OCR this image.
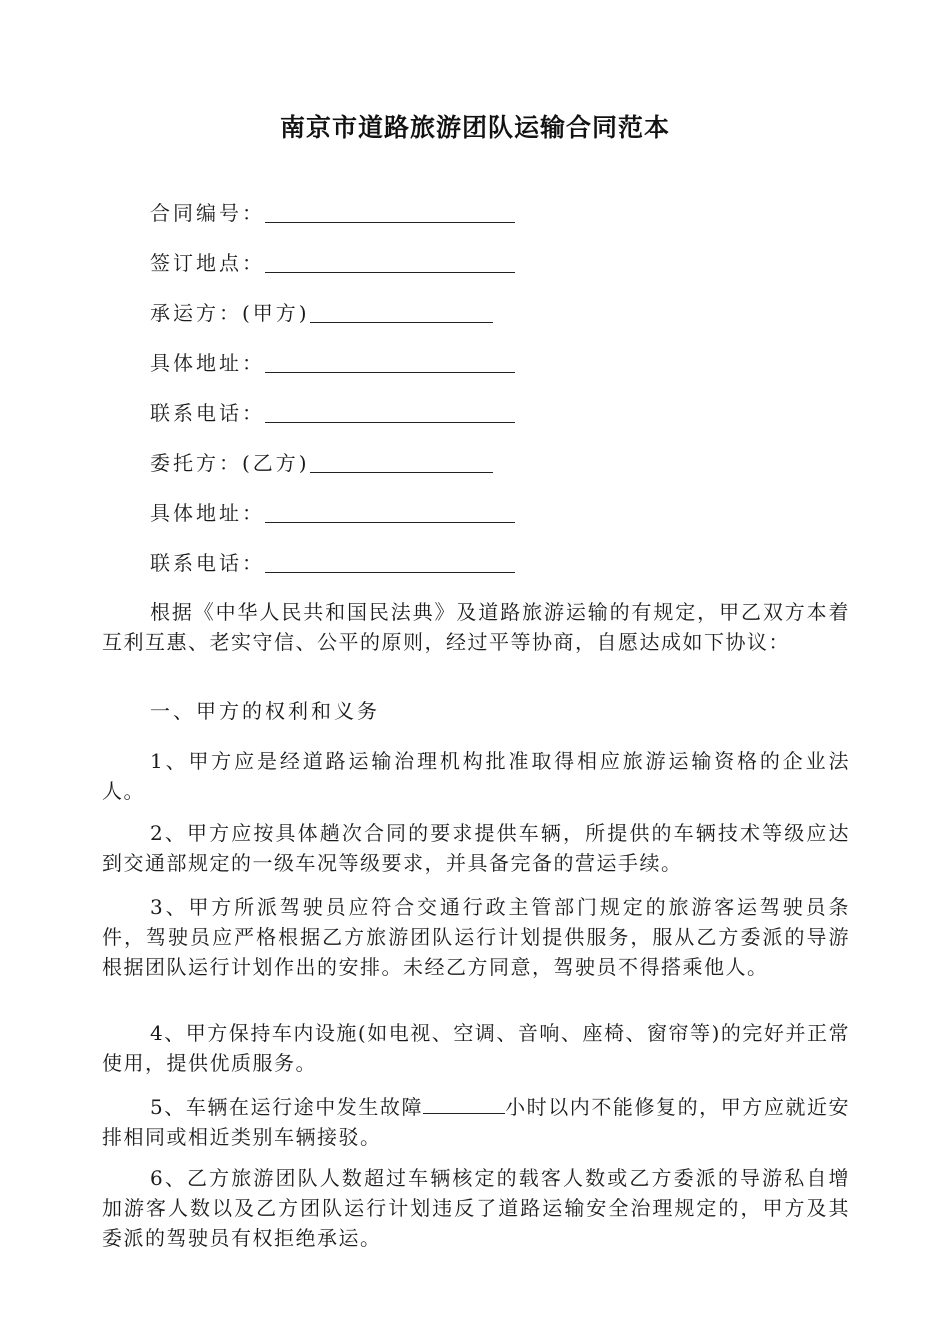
南京市道路旅游团队运输合同范本
合同编号：
签订地点：
承运方：(甲方)
具体地址：
联系电话：
委托方：(乙方)
具体地址：
联系电话：

根据《中华人民共和国民法典》及道路旅游运输的有规定，甲乙双方本着互利互惠、老实守信、公平的原则，经过平等协商，自愿达成如下协议：

一、甲方的权利和义务

1、甲方应是经道路运输治理机构批准取得相应旅游运输资格的企业法人。

2、甲方应按具体趟次合同的要求提供车辆，所提供的车辆技术等级应达到交通部规定的一级车况等级要求，并具备完备的营运手续。

3、甲方所派驾驶员应符合交通行政主管部门规定的旅游客运驾驶员条件，驾驶员应严格根据乙方旅游团队运行计划提供服务，服从乙方委派的导游根据团队运行计划作出的安排。未经乙方同意，驾驶员不得搭乘他人。

4、甲方保持车内设施(如电视、空调、音响、座椅、窗帘等)的完好并正常使用，提供优质服务。

5、车辆在运行途中发生故障	小时以内不能修复的，甲方应就近安排相同或相近类别车辆接驳。

6、乙方旅游团队人数超过车辆核定的载客人数或乙方委派的导游私自增加游客人数以及乙方团队运行计划违反了道路运输安全治理规定的，甲方及其委派的驾驶员有权拒绝承运。
